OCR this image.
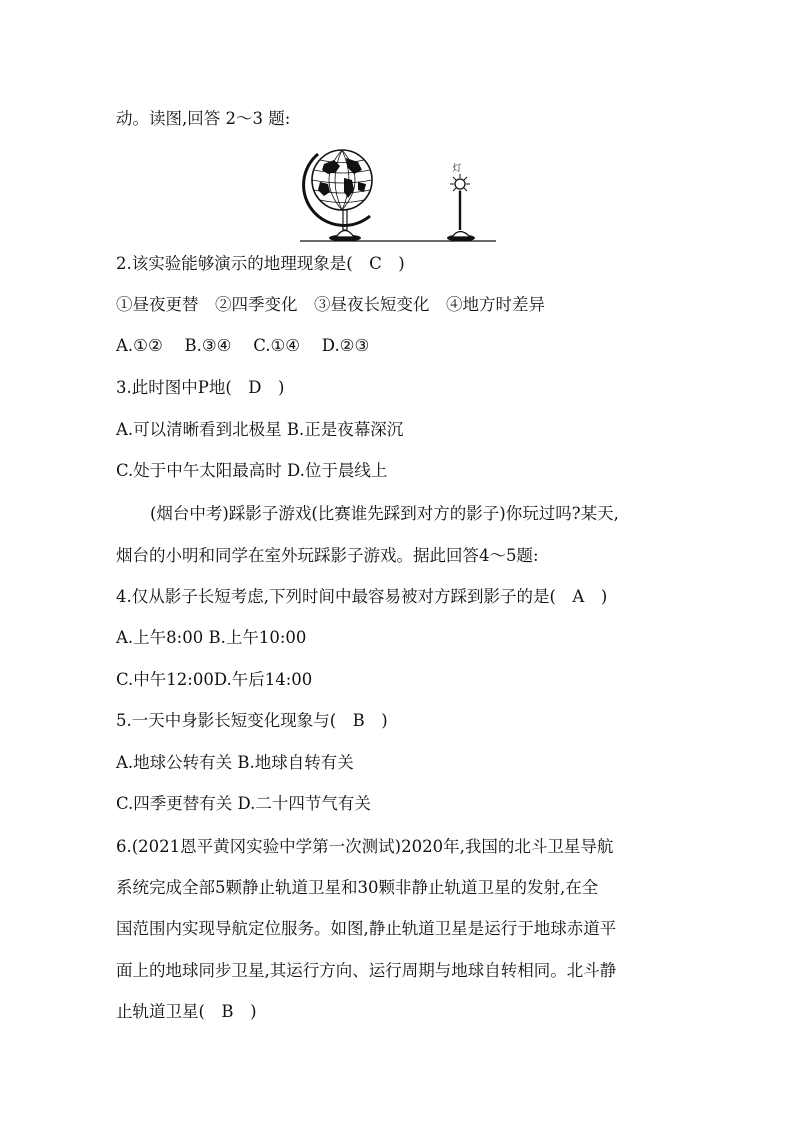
动。读图,回答 2～3 题:
灯
2.该实验能够演示的地理现象是(　C　)
①昼夜更替　②四季变化　③昼夜长短变化　④地方时差异
A.①②　 B.③④　 C.①④　 D.②③
3.此时图中P地(　D　)
A.可以清晰看到北极星 B.正是夜幕深沉
C.处于中午太阳最高时 D.位于晨线上
(烟台中考)踩影子游戏(比赛谁先踩到对方的影子)你玩过吗?某天,
烟台的小明和同学在室外玩踩影子游戏。据此回答4～5题:
4.仅从影子长短考虑,下列时间中最容易被对方踩到影子的是(　A　)
A.上午8:00 B.上午10:00
C.中午12:00D.午后14:00
5.一天中身影长短变化现象与(　B　)
A.地球公转有关 B.地球自转有关
C.四季更替有关 D.二十四节气有关
6.(2021恩平黄冈实验中学第一次测试)2020年,我国的北斗卫星导航
系统完成全部5颗静止轨道卫星和30颗非静止轨道卫星的发射,在全
国范围内实现导航定位服务。如图,静止轨道卫星是运行于地球赤道平
面上的地球同步卫星,其运行方向、运行周期与地球自转相同。北斗静
止轨道卫星(　B　)
